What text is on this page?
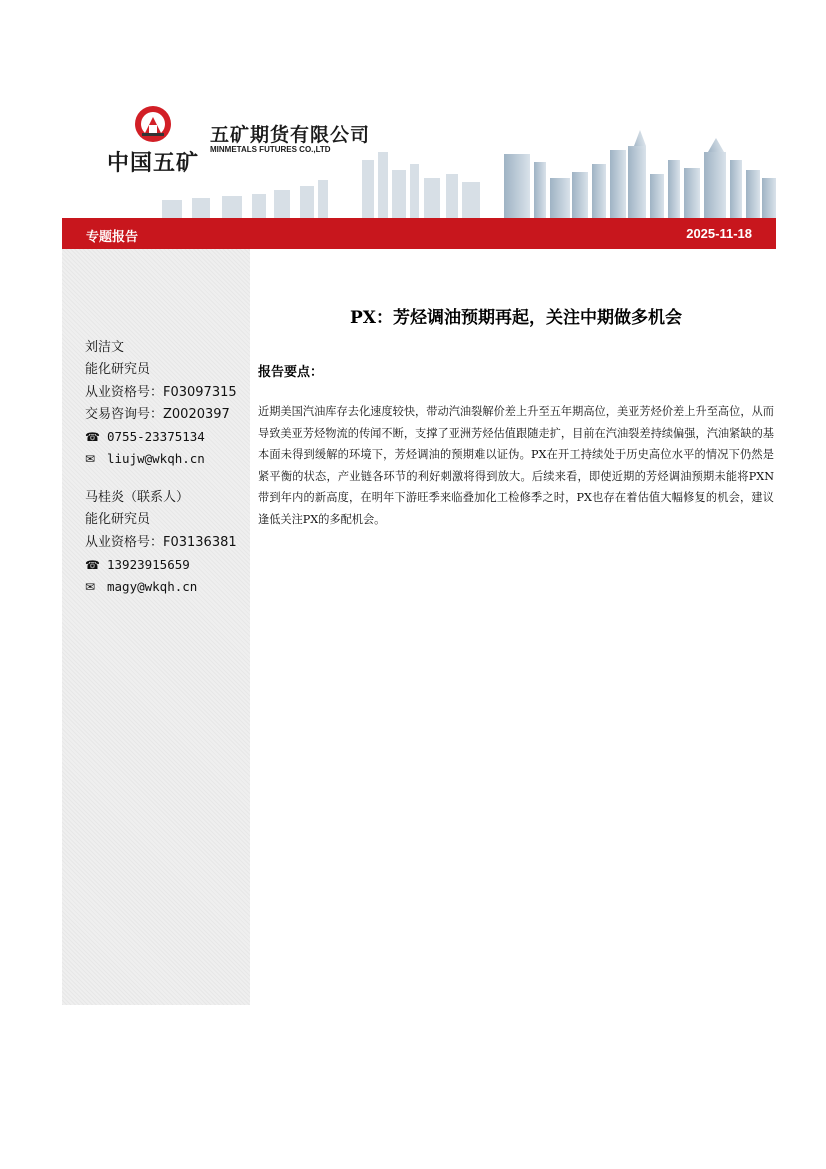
中国五矿
五矿期货有限公司
MINMETALS FUTURES CO.,LTD
专题报告	2025-11-18
刘洁文
能化研究员
从业资格号：F03097315
交易咨询号：Z0020397
☎ 0755-23375134
✉ liujw@wkqh.cn
马桂炎（联系人）
能化研究员
从业资格号：F03136381
☎ 13923915659
✉ magy@wkqh.cn
PX：芳烃调油预期再起，关注中期做多机会
报告要点：
近期美国汽油库存去化速度较快，带动汽油裂解价差上升至五年期高位，美亚芳烃价差上升至高位，从而导致美亚芳烃物流的传闻不断，支撑了亚洲芳烃估值跟随走扩，目前在汽油裂差持续偏强，汽油紧缺的基本面未得到缓解的环境下，芳烃调油的预期难以证伪。PX在开工持续处于历史高位水平的情况下仍然是紧平衡的状态，产业链各环节的利好刺激将得到放大。后续来看，即使近期的芳烃调油预期未能将PXN带到年内的新高度，在明年下游旺季来临叠加化工检修季之时，PX也存在着估值大幅修复的机会，建议逢低关注PX的多配机会。
